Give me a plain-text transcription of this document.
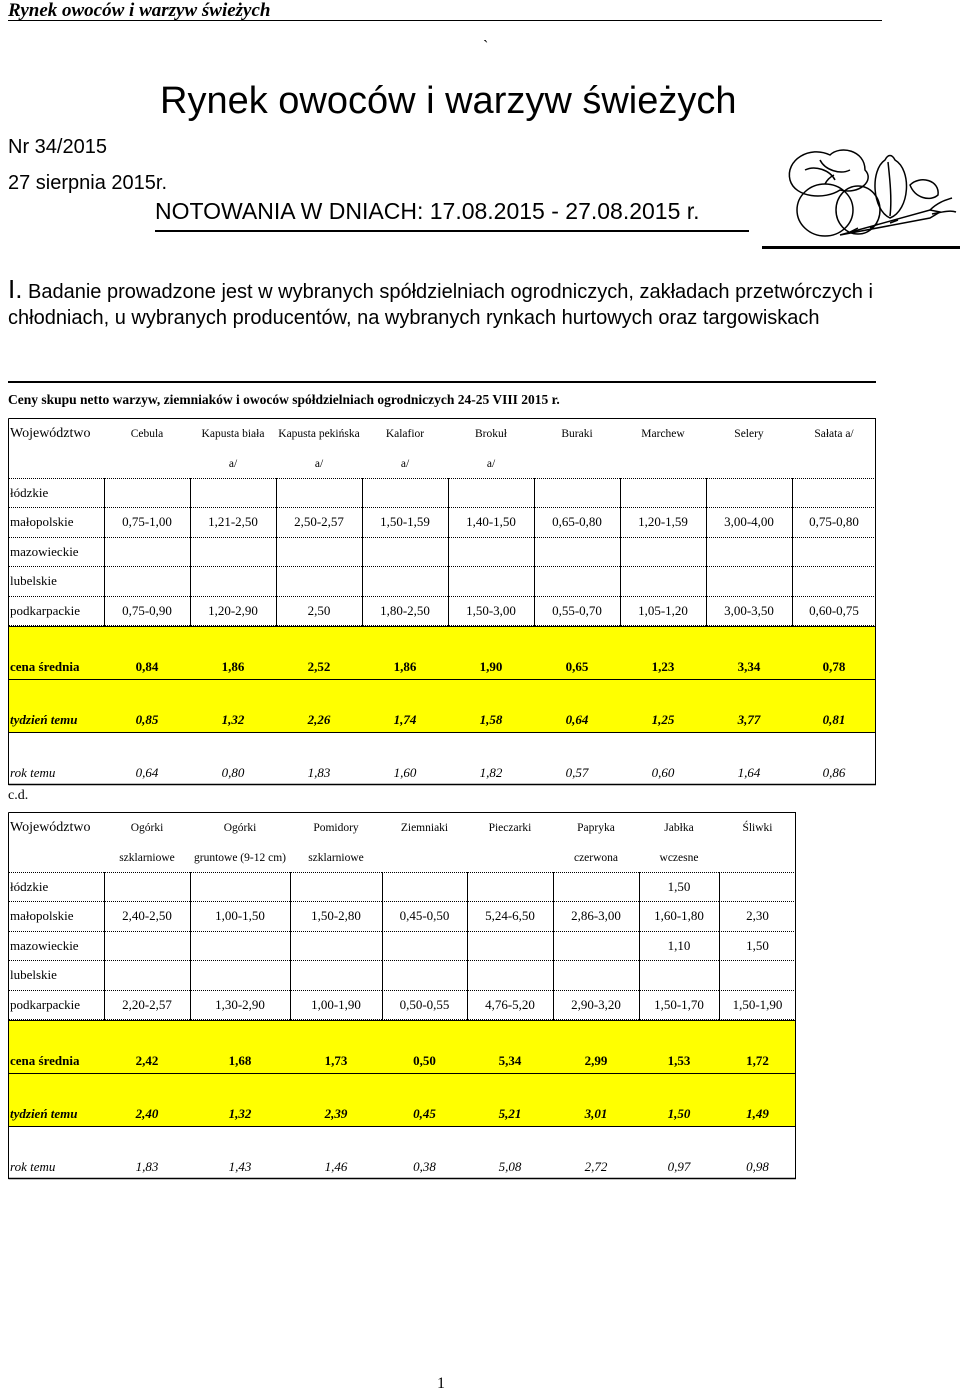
Rynek owoców i warzyw świeżych
`
Rynek owoców i warzyw świeżych
Nr 34/2015
27 sierpnia 2015r.
NOTOWANIA W DNIACH: 17.08.2015 - 27.08.2015 r.
I. Badanie prowadzone jest w wybranych spółdzielniach ogrodniczych, zakładach przetwórczych i chłodniach, u wybranych producentów, na wybranych rynkach hurtowych oraz targowiskach
Ceny skupu netto warzyw, ziemniaków i owoców spółdzielniach ogrodniczych 24-25 VIII 2015 r.
Województwo	Cebula	Kapusta biała	Kapusta pekińska	Kalafior	Brokuł	Buraki	Marchew	Selery	Sałata a/
		a/	a/	a/	a/				
łódzkie									
małopolskie	0,75-1,00	1,21-2,50	2,50-2,57	1,50-1,59	1,40-1,50	0,65-0,80	1,20-1,59	3,00-4,00	0,75-0,80
mazowieckie									
lubelskie									
podkarpackie	0,75-0,90	1,20-2,90	2,50	1,80-2,50	1,50-3,00	0,55-0,70	1,05-1,20	3,00-3,50	0,60-0,75
cena średnia	0,84	1,86	2,52	1,86	1,90	0,65	1,23	3,34	0,78
tydzień temu	0,85	1,32	2,26	1,74	1,58	0,64	1,25	3,77	0,81
rok temu	0,64	0,80	1,83	1,60	1,82	0,57	0,60	1,64	0,86
c.d.
Województwo	Ogórki	Ogórki	Pomidory	Ziemniaki	Pieczarki	Papryka	Jabłka	Śliwki
	szklarniowe	gruntowe (9-12 cm)	szklarniowe			czerwona	wczesne	
łódzkie							1,50	
małopolskie	2,40-2,50	1,00-1,50	1,50-2,80	0,45-0,50	5,24-6,50	2,86-3,00	1,60-1,80	2,30
mazowieckie							1,10	1,50
lubelskie								
podkarpackie	2,20-2,57	1,30-2,90	1,00-1,90	0,50-0,55	4,76-5,20	2,90-3,20	1,50-1,70	1,50-1,90
cena średnia	2,42	1,68	1,73	0,50	5,34	2,99	1,53	1,72
tydzień temu	2,40	1,32	2,39	0,45	5,21	3,01	1,50	1,49
rok temu	1,83	1,43	1,46	0,38	5,08	2,72	0,97	0,98
1
